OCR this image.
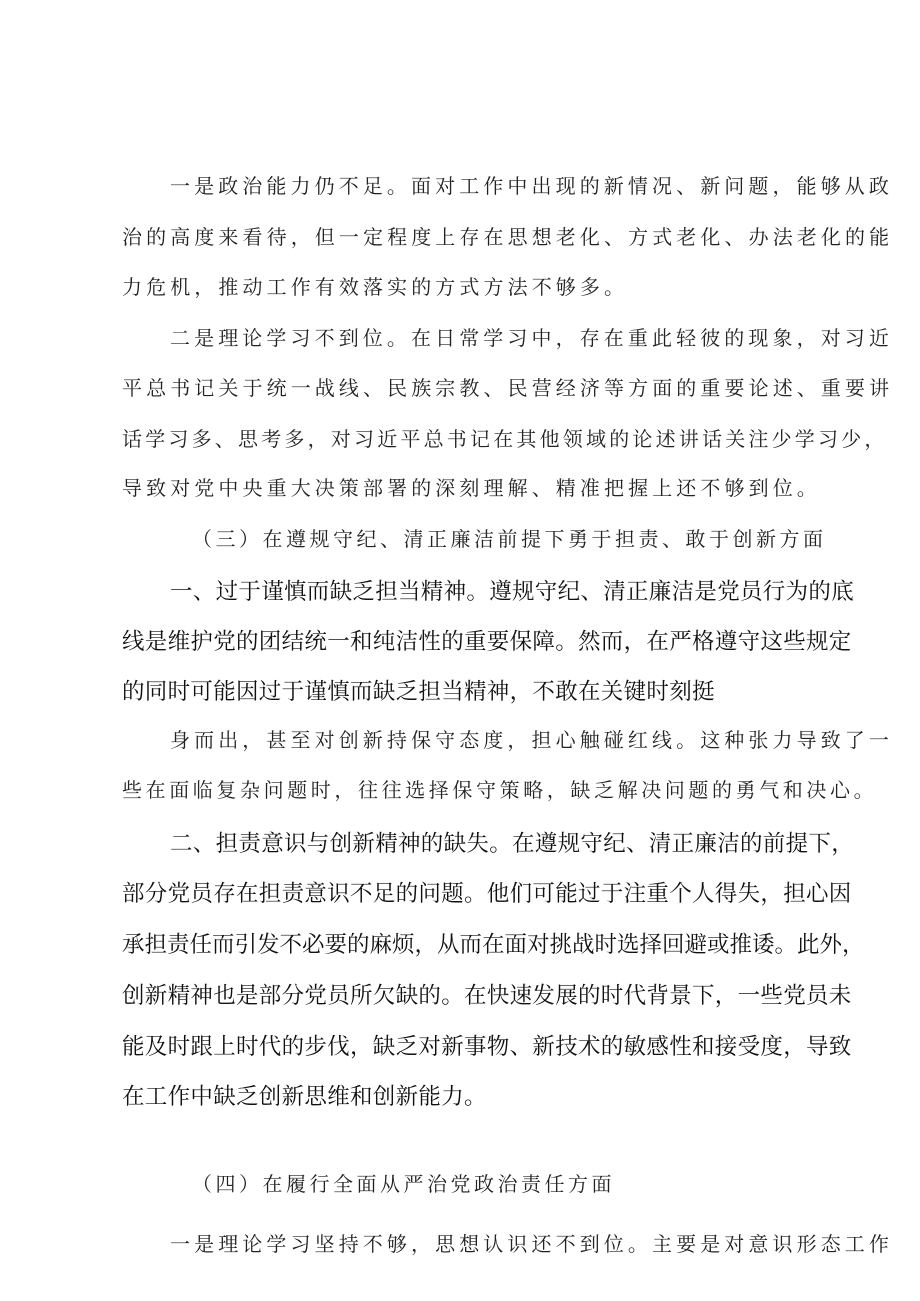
一是政治能力仍不足。面对工作中出现的新情况、新问题，能够从政

治的高度来看待，但一定程度上存在思想老化、方式老化、办法老化的能

力危机，推动工作有效落实的方式方法不够多。

二是理论学习不到位。在日常学习中，存在重此轻彼的现象，对习近

平总书记关于统一战线、民族宗教、民营经济等方面的重要论述、重要讲

话学习多、思考多，对习近平总书记在其他领域的论述讲话关注少学习少，

导致对党中央重大决策部署的深刻理解、精准把握上还不够到位。

（三）在遵规守纪、清正廉洁前提下勇于担责、敢于创新方面

一、过于谨慎而缺乏担当精神。遵规守纪、清正廉洁是党员行为的底

线是维护党的团结统一和纯洁性的重要保障。然而，在严格遵守这些规定

的同时可能因过于谨慎而缺乏担当精神，不敢在关键时刻挺

身而出，甚至对创新持保守态度，担心触碰红线。这种张力导致了一

些在面临复杂问题时，往往选择保守策略，缺乏解决问题的勇气和决心。

二、担责意识与创新精神的缺失。在遵规守纪、清正廉洁的前提下，

部分党员存在担责意识不足的问题。他们可能过于注重个人得失，担心因

承担责任而引发不必要的麻烦，从而在面对挑战时选择回避或推诿。此外，

创新精神也是部分党员所欠缺的。在快速发展的时代背景下，一些党员未

能及时跟上时代的步伐，缺乏对新事物、新技术的敏感性和接受度，导致

在工作中缺乏创新思维和创新能力。

（四）在履行全面从严治党政治责任方面

一是理论学习坚持不够，思想认识还不到位。主要是对意识形态工作
